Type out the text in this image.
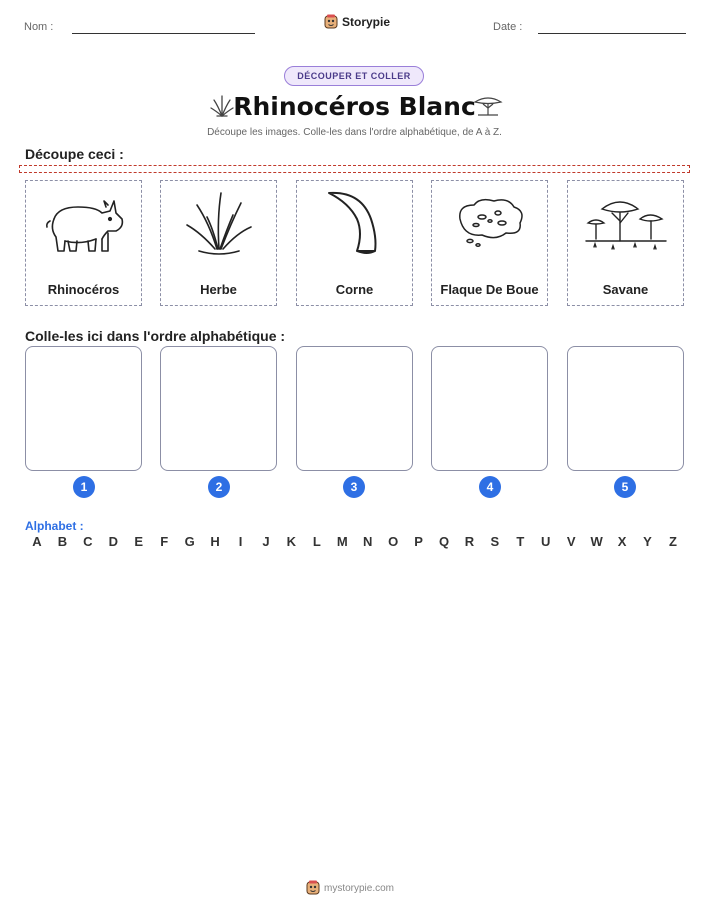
Nom :	Storypie	Date :
DÉCOUPER ET COLLER
Rhinocéros Blanc
Découpe les images. Colle-les dans l'ordre alphabétique, de A à Z.
Découpe ceci :
Rhinocéros	Herbe	Corne	Flaque De Boue	Savane
Colle-les ici dans l'ordre alphabétique :
1	2	3	4	5
Alphabet :
A	B	C	D	E	F	G	H	I	J	K	L	M	N	O	P	Q	R	S	T	U	V	W	X	Y	Z
mystorypie.com
